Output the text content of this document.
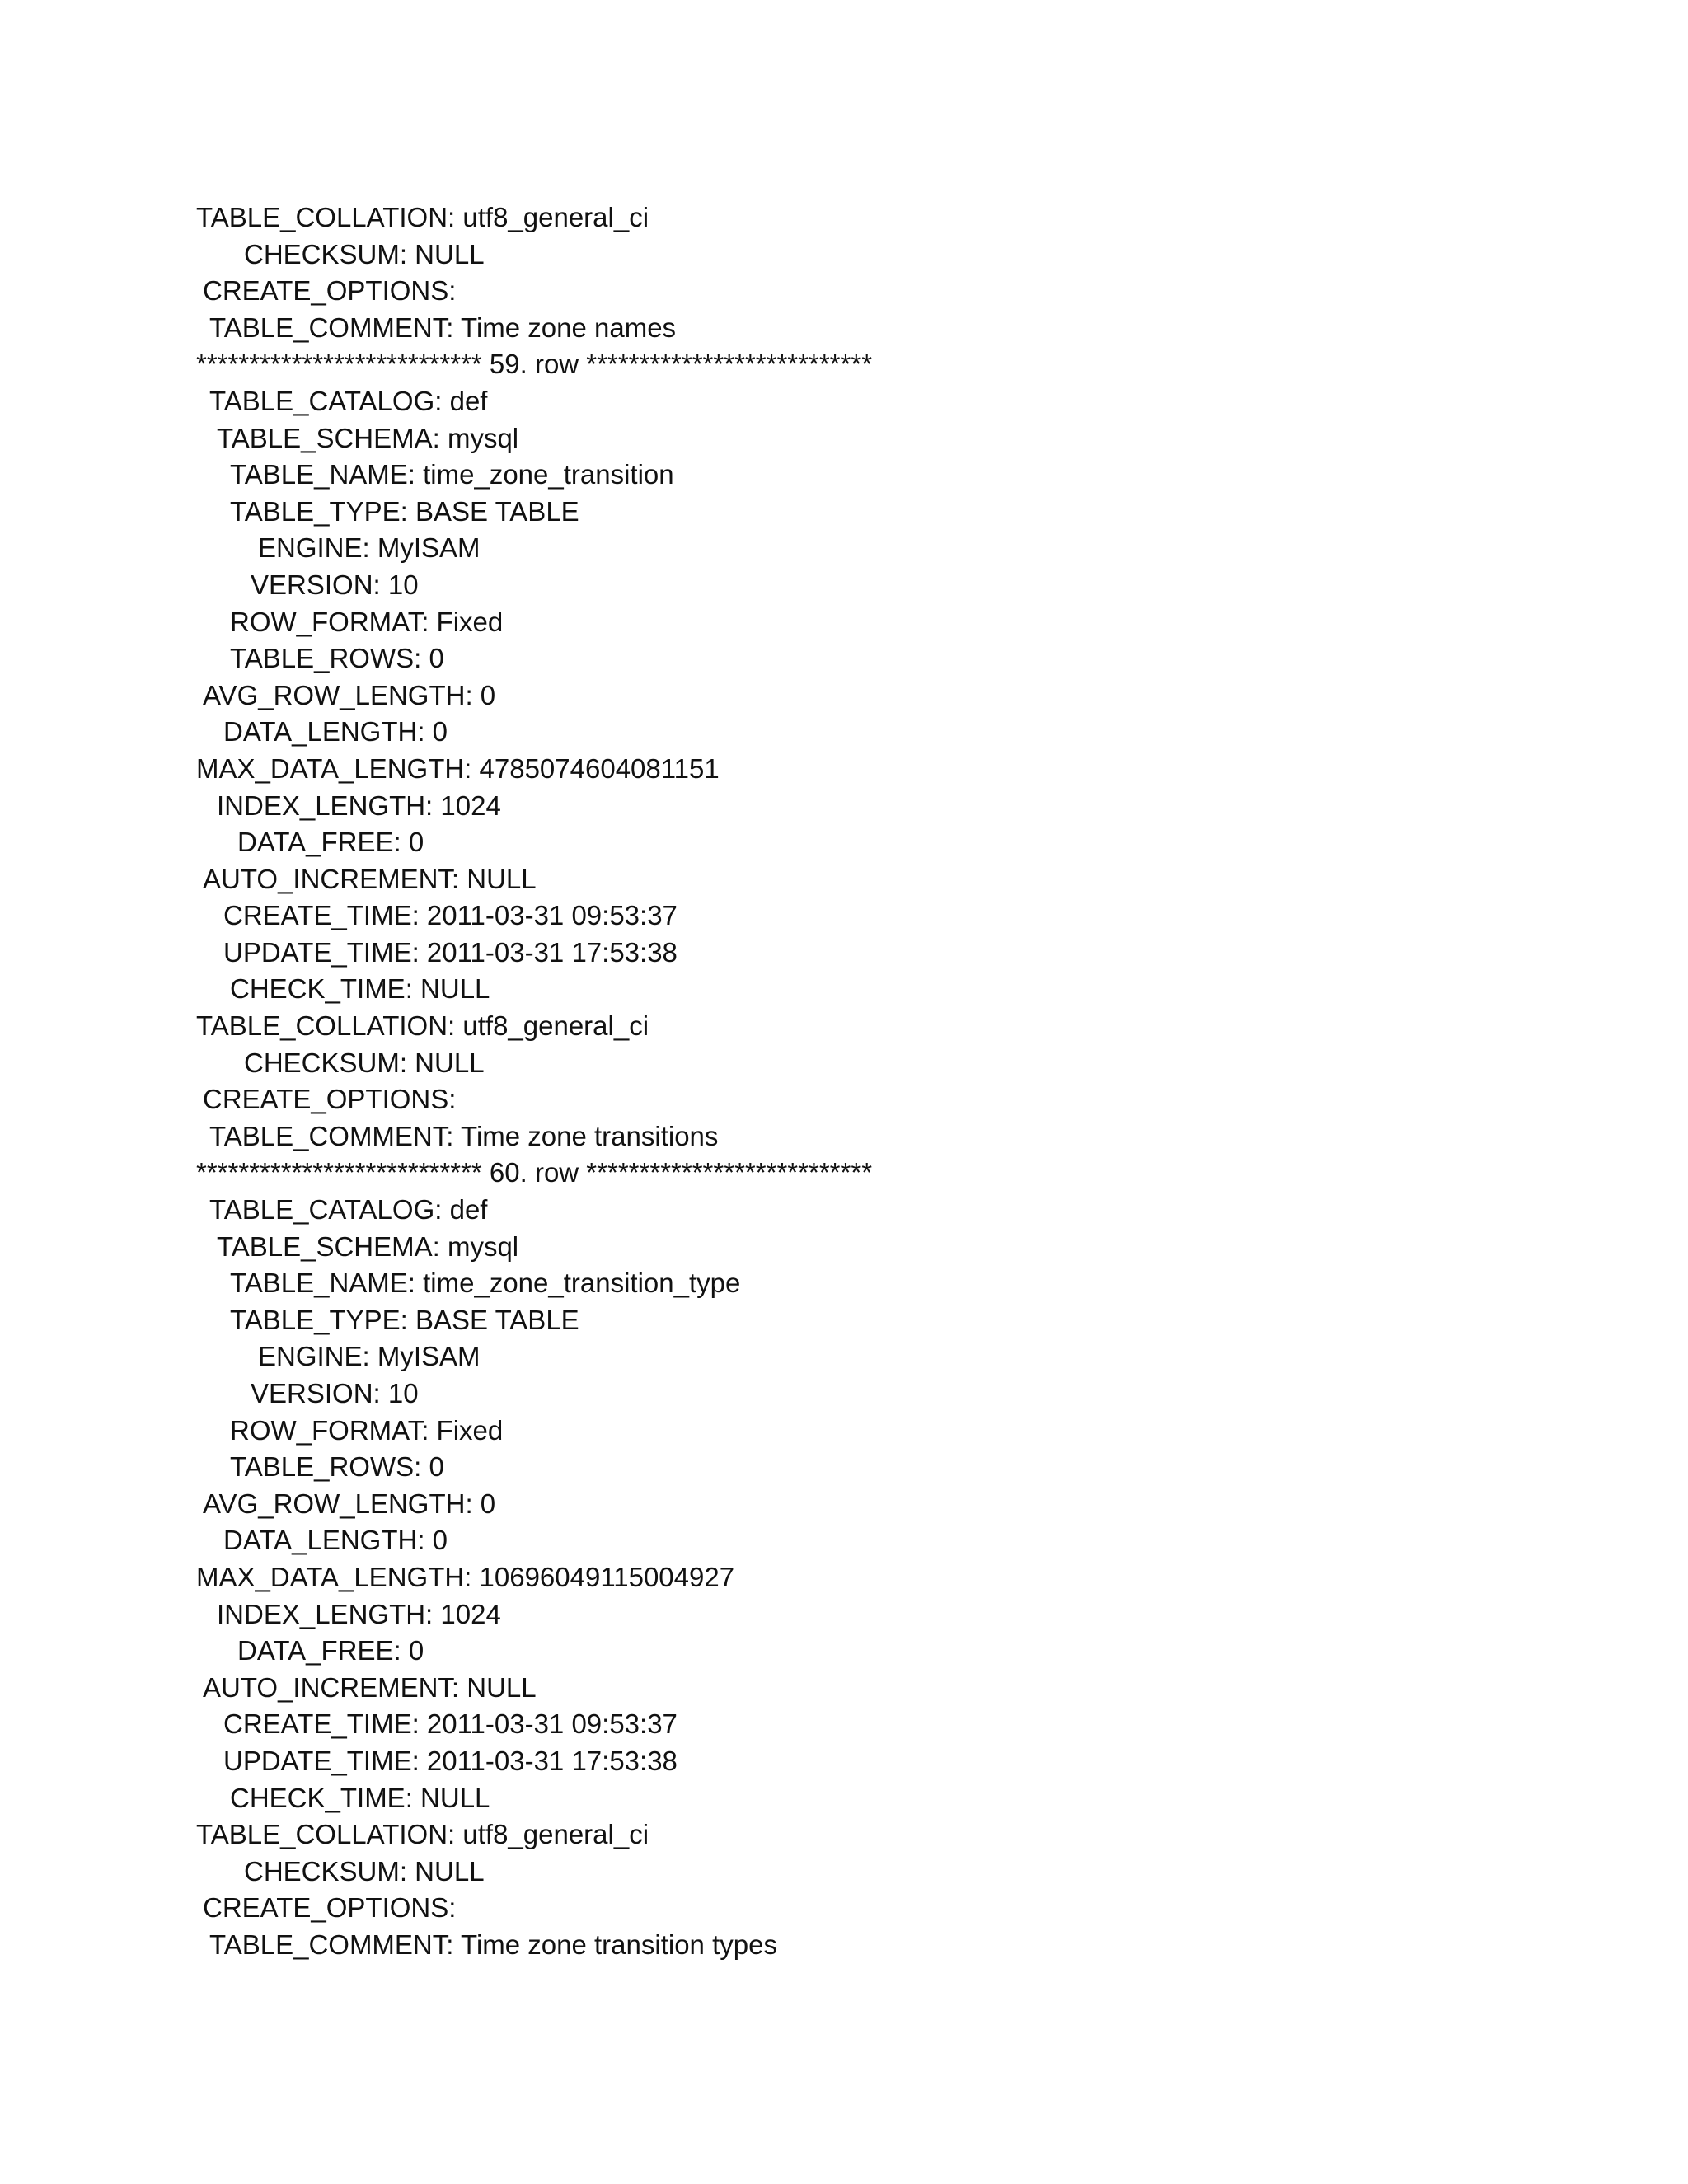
TABLE_COLLATION: utf8_general_ci
CHECKSUM: NULL
CREATE_OPTIONS:
TABLE_COMMENT: Time zone names
*************************** 59. row ***************************
TABLE_CATALOG: def
TABLE_SCHEMA: mysql
TABLE_NAME: time_zone_transition
TABLE_TYPE: BASE TABLE
ENGINE: MyISAM
VERSION: 10
ROW_FORMAT: Fixed
TABLE_ROWS: 0
AVG_ROW_LENGTH: 0
DATA_LENGTH: 0
MAX_DATA_LENGTH: 4785074604081151
INDEX_LENGTH: 1024
DATA_FREE: 0
AUTO_INCREMENT: NULL
CREATE_TIME: 2011-03-31 09:53:37
UPDATE_TIME: 2011-03-31 17:53:38
CHECK_TIME: NULL
TABLE_COLLATION: utf8_general_ci
CHECKSUM: NULL
CREATE_OPTIONS:
TABLE_COMMENT: Time zone transitions
*************************** 60. row ***************************
TABLE_CATALOG: def
TABLE_SCHEMA: mysql
TABLE_NAME: time_zone_transition_type
TABLE_TYPE: BASE TABLE
ENGINE: MyISAM
VERSION: 10
ROW_FORMAT: Fixed
TABLE_ROWS: 0
AVG_ROW_LENGTH: 0
DATA_LENGTH: 0
MAX_DATA_LENGTH: 10696049115004927
INDEX_LENGTH: 1024
DATA_FREE: 0
AUTO_INCREMENT: NULL
CREATE_TIME: 2011-03-31 09:53:37
UPDATE_TIME: 2011-03-31 17:53:38
CHECK_TIME: NULL
TABLE_COLLATION: utf8_general_ci
CHECKSUM: NULL
CREATE_OPTIONS:
TABLE_COMMENT: Time zone transition types
